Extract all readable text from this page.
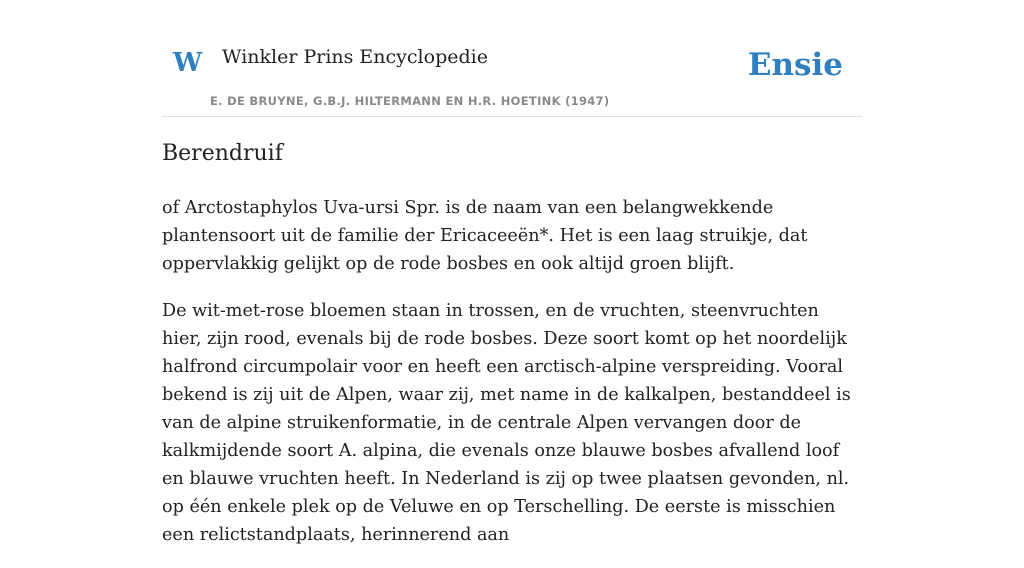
W Winkler Prins Encyclopedie
E. DE BRUYNE, G.B.J. HILTERMANN EN H.R. HOETINK (1947)
Ensie
Berendruif

of Arctostaphylos Uva-ursi Spr. is de naam van een belangwekkende plantensoort uit de familie der Ericaceeën*. Het is een laag struikje, dat oppervlakkig gelijkt op de rode bosbes en ook altijd groen blijft.

De wit-met-rose bloemen staan in trossen, en de vruchten, steenvruchten hier, zijn rood, evenals bij de rode bosbes. Deze soort komt op het noordelijk halfrond circumpolair voor en heeft een arctisch-alpine verspreiding. Vooral bekend is zij uit de Alpen, waar zij, met name in de kalkalpen, bestanddeel is van de alpine struikenformatie, in de centrale Alpen vervangen door de kalkmijdende soort A. alpina, die evenals onze blauwe bosbes afvallend loof en blauwe vruchten heeft. In Nederland is zij op twee plaatsen gevonden, nl. op één enkele plek op de Veluwe en op Terschelling. De eerste is misschien een relictstandplaats, herinnerend aan
